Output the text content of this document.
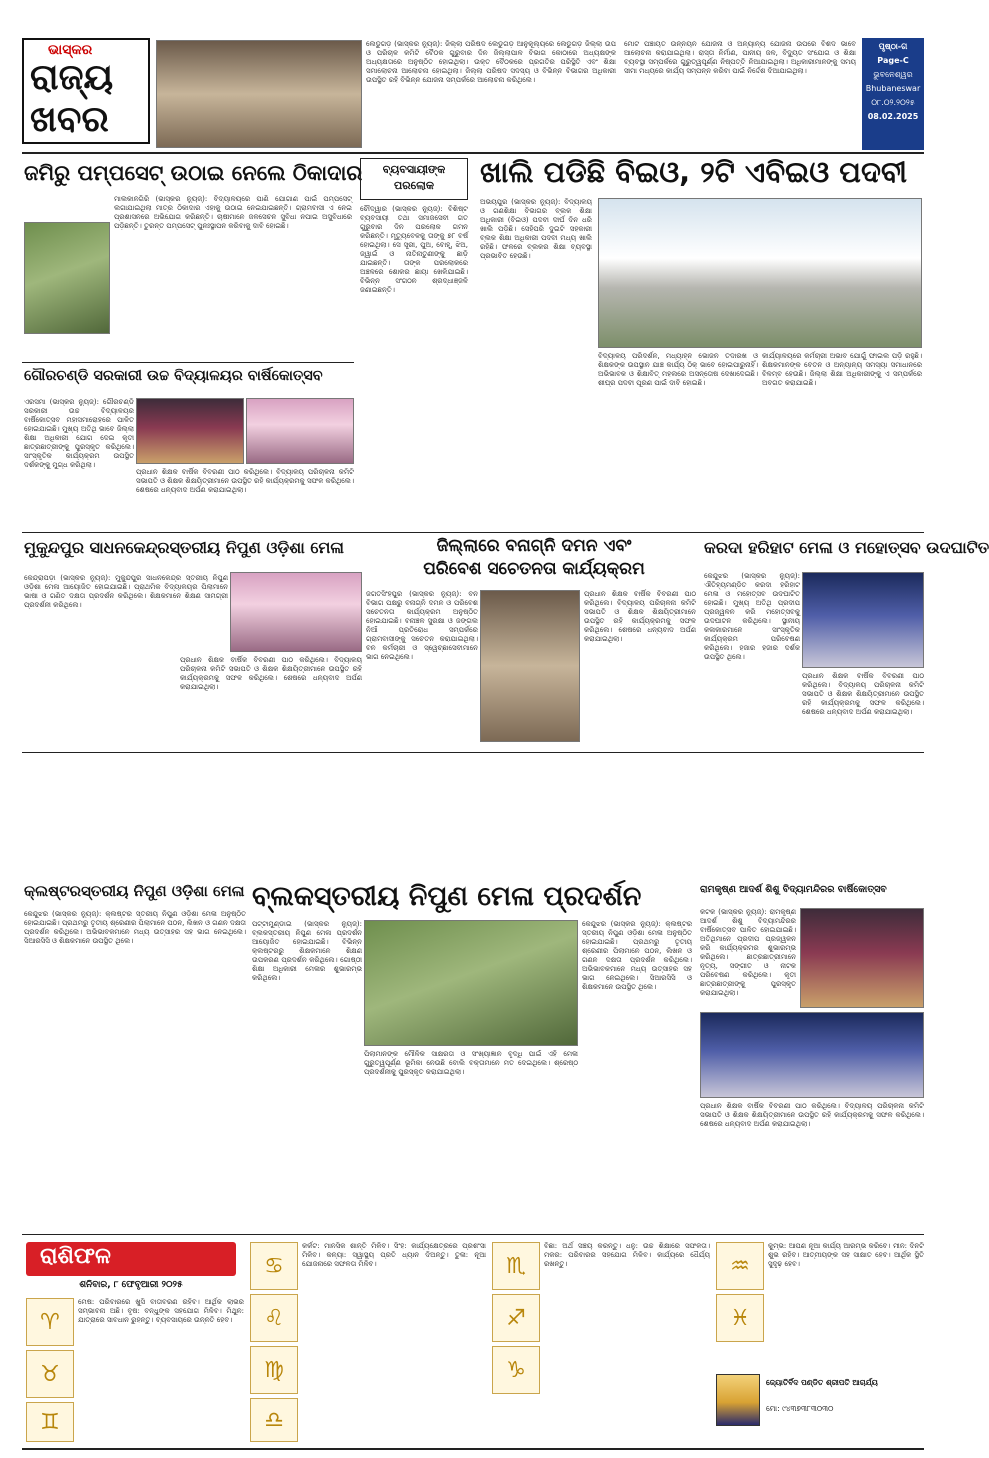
ଭାସ୍କର
ରାଜ୍ୟ
ଖବର
ଲେଡୁଗଡ଼ (ଭାସ୍କର ନ୍ୟୁଜ୍): ଜିଲ୍ଲା ପରିଷଦ ଲେଡୁଗଡ଼ ଆନୁକୂଲ୍ୟରେ ଲେଡୁଗଡ଼ ଜିଲ୍ଲା ଉପ ଓ ପରିଚାଳ କମିଟି ବୈଠକ ଗୁରୁବାର ଦିନ ଜିଲ୍ଲାପାଳ ବିଭାଗ କୋଠାରେ ଅଧ୍ୟକ୍ଷଙ୍କ ଅଧ୍ୟକ୍ଷତାରେ ଅନୁଷ୍ଠିତ ହୋଇଥିଲା। ଉକ୍ତ ବୈଠକରେ ପ୍ରଗତିର ପରିସ୍ଥିତି ଏବଂ ଶିକ୍ଷା ସମାଲୋଚନା ଆଲୋଚନା ହୋଇଥିଲା। ଜିଲ୍ଲା ପରିଷଦ ସଦସ୍ୟ ଓ ବିଭିନ୍ନ ବିଭାଗର ଅଧିକାରୀ ଉପସ୍ଥିତ ରହି ବିଭିନ୍ନ ଯୋଜନା ସମ୍ପର୍କରେ ଆଲୋଚନା କରିଥିଲେ।
ମୋଟ ପଞ୍ଚାୟତ ଉନ୍ନୟନ ଯୋଜନା ଓ ଅନ୍ୟାନ୍ୟ ଯୋଜନା ଉପରେ ବିଶଦ ଭାବେ ଆଲୋଚନା କରାଯାଇଥିଲା। ରାସ୍ତା ନିର୍ମାଣ, ପାନୀୟ ଜଳ, ବିଦ୍ୟୁତ ସଂଯୋଗ ଓ ଶିକ୍ଷା ବ୍ୟବସ୍ଥା ସମ୍ପର୍କରେ ଗୁରୁତ୍ୱପୂର୍ଣ୍ଣ ନିଷ୍ପତ୍ତି ନିଆଯାଇଥିଲା। ଅଧିକାରୀମାନଙ୍କୁ ସମୟ ସୀମା ମଧ୍ୟରେ କାର୍ଯ୍ୟ ସମ୍ପନ୍ନ କରିବା ପାଇଁ ନିର୍ଦ୍ଦେଶ ଦିଆଯାଇଥିଲା।
ପୃଷ୍ଠା-ଗ
Page-C
ଭୁବନେଶ୍ୱର
Bhubaneswar
୦୮.୦୨.୨୦୨୫
08.02.2025
ଜମିରୁ ପମ୍ପସେଟ୍ ଉଠାଇ ନେଲେ ଠିକାଦାର
ମାଲକାନଗିରି (ଭାସ୍କର ନ୍ୟୁଜ୍): ବିଦ୍ୟାଳୟରେ ପାଣି ଯୋଗାଣ ପାଇଁ ପମ୍ପସେଟ୍ ଲଗାଯାଇଥିଲା ମାତ୍ର ଠିକାଦାର ଏହାକୁ ଉଠାଇ ନେଇଯାଇଛନ୍ତି। ଗ୍ରାମବାସୀ ଏ ନେଇ ପ୍ରଶାସନରେ ଅଭିଯୋଗ କରିଛନ୍ତି। ଚାଷୀମାନେ ଜଳସେଚନ ସୁବିଧା ନପାଇ ଅସୁବିଧାରେ ପଡ଼ିଛନ୍ତି। ତୁରନ୍ତ ପମ୍ପସେଟ୍ ପୁନଃସ୍ଥାପନ କରିବାକୁ ଦାବି ହୋଇଛି।
ବ୍ୟବସାୟୀଙ୍କ
ପରଲୋକ
ଚୌଦ୍ୱାର (ଭାସ୍କର ନ୍ୟୁଜ୍): ବିଶିଷ୍ଟ ବ୍ୟବସାୟୀ ତଥା ସମାଜସେବୀ ଗତ ଗୁରୁବାର ଦିନ ପରଲୋକ ଗମନ କରିଛନ୍ତି। ମୃତ୍ୟୁବେଳକୁ ତାଙ୍କୁ ୭୮ ବର୍ଷ ହୋଇଥିଲା। ସେ ସ୍ତ୍ରୀ, ପୁଅ, ବୋହୂ, ଝିଅ, ଜ୍ୱାଇଁ ଓ ନାତିନାତୁଣୀଙ୍କୁ ଛାଡ଼ି ଯାଇଛନ୍ତି। ତାଙ୍କ ପରଲୋକରେ ଅଞ୍ଚଳରେ ଶୋକର ଛାୟା ଖେଳିଯାଇଛି। ବିଭିନ୍ନ ସଂଗଠନ ଶ୍ରଦ୍ଧାଞ୍ଜଳି ଜଣାଇଛନ୍ତି।
ଖାଲି ପଡିଛି ବିଇଓ, ୨ଟି ଏବିଇଓ ପଦବୀ
ଅଭୟପୁର (ଭାସ୍କର ନ୍ୟୁଜ୍): ବିଦ୍ୟାଳୟ ଓ ଗଣଶିକ୍ଷା ବିଭାଗର ବ୍ଲକ ଶିକ୍ଷା ଅଧିକାରୀ (ବିଇଓ) ପଦବୀ ଦୀର୍ଘ ଦିନ ଧରି ଖାଲି ପଡ଼ିଛି। ସେହିପରି ଦୁଇଟି ସହକାରୀ ବ୍ଲକ ଶିକ୍ଷା ଅଧିକାରୀ ପଦବୀ ମଧ୍ୟ ଖାଲି ରହିଛି। ଫଳରେ ବ୍ଲକର ଶିକ୍ଷା ବ୍ୟବସ୍ଥା ପ୍ରଭାବିତ ହେଉଛି।
ବିଦ୍ୟାଳୟ ପରିଦର୍ଶନ, ମଧ୍ୟାହ୍ନ ଭୋଜନ ତଦାରଖ ଓ ଶିକ୍ଷକଙ୍କ ଉପସ୍ଥାନ ଯାଞ୍ଚ କାର୍ଯ୍ୟ ଠିକ୍ ଭାବେ ହୋଇପାରୁନାହିଁ। ଅଭିଭାବକ ଓ ଶିକ୍ଷାବିତ୍ ମହଲରେ ଅସନ୍ତୋଷ ଦେଖାଦେଇଛି। ଶୀଘ୍ର ପଦବୀ ପୂରଣ ପାଇଁ ଦାବି ହୋଇଛି।
କାର୍ଯ୍ୟାଳୟରେ କର୍ମଚାରୀ ଅଭାବ ଯୋଗୁଁ ଫାଇଲ ପଡ଼ି ରହୁଛି। ଶିକ୍ଷକମାନଙ୍କ ବେତନ ଓ ଅନ୍ୟାନ୍ୟ ସମସ୍ୟା ସମାଧାନରେ ବିଳମ୍ବ ହେଉଛି। ଜିଲ୍ଲା ଶିକ୍ଷା ଅଧିକାରୀଙ୍କୁ ଏ ସମ୍ପର୍କରେ ଅବଗତ କରାଯାଇଛି।
ଗୌରଚଣ୍ଡି ସରକାରୀ ଉଚ୍ଚ ବିଦ୍ୟାଳୟର ବାର୍ଷିକୋତ୍ସବ
ଏରସମା (ଭାସ୍କର ନ୍ୟୁଜ୍): ଗୌରଚଣ୍ଡି ସରକାରୀ ଉଚ୍ଚ ବିଦ୍ୟାଳୟର ବାର୍ଷିକୋତ୍ସବ ମହାସମାରୋହରେ ପାଳିତ ହୋଇଯାଇଛି। ମୁଖ୍ୟ ଅତିଥି ଭାବେ ଜିଲ୍ଲା ଶିକ୍ଷା ଅଧିକାରୀ ଯୋଗ ଦେଇ କୃତୀ ଛାତ୍ରଛାତ୍ରୀଙ୍କୁ ପୁରସ୍କୃତ କରିଥିଲେ। ସାଂସ୍କୃତିକ କାର୍ଯ୍ୟକ୍ରମ ଉପସ୍ଥିତ ଦର୍ଶକଙ୍କୁ ମୁଗ୍ଧ କରିଥିଲା।
ପ୍ରଧାନ ଶିକ୍ଷକ ବାର୍ଷିକ ବିବରଣୀ ପାଠ କରିଥିଲେ। ବିଦ୍ୟାଳୟ ପରିଚାଳନା କମିଟି ସଭାପତି ଓ ଶିକ୍ଷକ ଶିକ୍ଷୟିତ୍ରୀମାନେ ଉପସ୍ଥିତ ରହି କାର୍ଯ୍ୟକ୍ରମକୁ ସଫଳ କରିଥିଲେ। ଶେଷରେ ଧନ୍ୟବାଦ ଅର୍ପଣ କରାଯାଇଥିଲା।
ମୁକୁନ୍ଦପୁର ସାଧନକେନ୍ଦ୍ରସ୍ତରୀୟ ନିପୁଣ ଓଡ଼ିଶା ମେଳା
କେନ୍ଦ୍ରାପଡ଼ା (ଭାସ୍କର ନ୍ୟୁଜ୍): ମୁକୁନ୍ଦପୁର ସାଧନକେନ୍ଦ୍ର ସ୍ତରୀୟ ନିପୁଣ ଓଡ଼ିଶା ମେଳା ଆୟୋଜିତ ହୋଇଯାଇଛି। ପ୍ରାଥମିକ ବିଦ୍ୟାଳୟର ପିଲାମାନେ ଭାଷା ଓ ଗଣିତ ଦକ୍ଷତା ପ୍ରଦର୍ଶନ କରିଥିଲେ। ଶିକ୍ଷକମାନେ ଶିକ୍ଷଣ ସାମଗ୍ରୀ ପ୍ରଦର୍ଶନୀ କରିଥିଲେ।
ପ୍ରଧାନ ଶିକ୍ଷକ ବାର୍ଷିକ ବିବରଣୀ ପାଠ କରିଥିଲେ। ବିଦ୍ୟାଳୟ ପରିଚାଳନା କମିଟି ସଭାପତି ଓ ଶିକ୍ଷକ ଶିକ୍ଷୟିତ୍ରୀମାନେ ଉପସ୍ଥିତ ରହି କାର୍ଯ୍ୟକ୍ରମକୁ ସଫଳ କରିଥିଲେ। ଶେଷରେ ଧନ୍ୟବାଦ ଅର୍ପଣ କରାଯାଇଥିଲା।
ଜିଲ୍ଲାରେ ବନାଗ୍ନି ଦମନ ଏବଂ
ପରିବେଶ ସଚେତନତା କାର୍ଯ୍ୟକ୍ରମ
ଜଗତସିଂହପୁର (ଭାସ୍କର ନ୍ୟୁଜ୍): ବନ ବିଭାଗ ପକ୍ଷରୁ ବନାଗ୍ନି ଦମନ ଓ ପରିବେଶ ସଚେତନତା କାର୍ଯ୍ୟକ୍ରମ ଅନୁଷ୍ଠିତ ହୋଇଯାଇଛି। ବନାଞ୍ଚଳ ସୁରକ୍ଷା ଓ ଜଙ୍ଗଲ ନିଆଁ ପ୍ରତିରୋଧ ସମ୍ପର୍କରେ ଗ୍ରାମବାସୀଙ୍କୁ ସଚେତନ କରାଯାଇଥିଲା। ବନ କର୍ମଚାରୀ ଓ ସ୍ୱେଚ୍ଛାସେବୀମାନେ ଭାଗ ନେଇଥିଲେ।
ପ୍ରଧାନ ଶିକ୍ଷକ ବାର୍ଷିକ ବିବରଣୀ ପାଠ କରିଥିଲେ। ବିଦ୍ୟାଳୟ ପରିଚାଳନା କମିଟି ସଭାପତି ଓ ଶିକ୍ଷକ ଶିକ୍ଷୟିତ୍ରୀମାନେ ଉପସ୍ଥିତ ରହି କାର୍ଯ୍ୟକ୍ରମକୁ ସଫଳ କରିଥିଲେ। ଶେଷରେ ଧନ୍ୟବାଦ ଅର୍ପଣ କରାଯାଇଥିଲା।
କରଦା ହରିହାଟ ମେଳା ଓ ମହୋତ୍ସବ ଉଦଘାଟିତ
କେନ୍ଦୁଝର (ଭାସ୍କର ନ୍ୟୁଜ୍): ଐତିହ୍ୟମଣ୍ଡିତ କରଦା ହରିହାଟ ମେଳା ଓ ମହୋତ୍ସବ ଉଦଘାଟିତ ହୋଇଛି। ମୁଖ୍ୟ ଅତିଥି ପ୍ରଦୀପ ପ୍ରଜ୍ୱଳନ କରି ମହୋତ୍ସବକୁ ଉଦଘାଟନ କରିଥିଲେ। ସ୍ଥାନୀୟ କଳାକାରମାନେ ସାଂସ୍କୃତିକ କାର୍ଯ୍ୟକ୍ରମ ପରିବେଷଣ କରିଥିଲେ। ହଜାର ହଜାର ଦର୍ଶକ ଉପସ୍ଥିତ ଥିଲେ।
ପ୍ରଧାନ ଶିକ୍ଷକ ବାର୍ଷିକ ବିବରଣୀ ପାଠ କରିଥିଲେ। ବିଦ୍ୟାଳୟ ପରିଚାଳନା କମିଟି ସଭାପତି ଓ ଶିକ୍ଷକ ଶିକ୍ଷୟିତ୍ରୀମାନେ ଉପସ୍ଥିତ ରହି କାର୍ଯ୍ୟକ୍ରମକୁ ସଫଳ କରିଥିଲେ। ଶେଷରେ ଧନ୍ୟବାଦ ଅର୍ପଣ କରାଯାଇଥିଲା।
କ୍ଲଷ୍ଟରସ୍ତରୀୟ ନିପୁଣ ଓଡ଼ିଶା ମେଳା
କେନ୍ଦୁଝର (ଭାସ୍କର ନ୍ୟୁଜ୍): କ୍ଲଷ୍ଟର ସ୍ତରୀୟ ନିପୁଣ ଓଡ଼ିଶା ମେଳା ଅନୁଷ୍ଠିତ ହୋଇଯାଇଛି। ପ୍ରଥମରୁ ତୃତୀୟ ଶ୍ରେଣୀର ପିଲାମାନେ ପଠନ, ଲିଖନ ଓ ଗଣନ ଦକ୍ଷତା ପ୍ରଦର୍ଶନ କରିଥିଲେ। ଅଭିଭାବକମାନେ ମଧ୍ୟ ଉତ୍ସାହର ସହ ଭାଗ ନେଇଥିଲେ। ସିଆରସିସି ଓ ଶିକ୍ଷକମାନେ ଉପସ୍ଥିତ ଥିଲେ।
ବ୍ଲକସ୍ତରୀୟ ନିପୁଣ ମେଳା ପ୍ରଦର୍ଶନ
ପଟ୍ଟାମୁଣ୍ଡାଇ (ଭାସ୍କର ନ୍ୟୁଜ୍): ବ୍ଲକସ୍ତରୀୟ ନିପୁଣ ମେଳା ପ୍ରଦର୍ଶନ ଆୟୋଜିତ ହୋଇଯାଇଛି। ବିଭିନ୍ନ କ୍ଲଷ୍ଟରରୁ ଶିକ୍ଷକମାନେ ଶିକ୍ଷଣ ଉପକରଣ ପ୍ରଦର୍ଶନ କରିଥିଲେ। ଗୋଷ୍ଠୀ ଶିକ୍ଷା ଅଧିକାରୀ ମେଳାର ଶୁଭାରମ୍ଭ କରିଥିଲେ।
ପିଲାମାନଙ୍କ ମୌଳିକ ସାକ୍ଷରତା ଓ ସଂଖ୍ୟାଜ୍ଞାନ ବୃଦ୍ଧି ପାଇଁ ଏହି ମେଳା ଗୁରୁତ୍ୱପୂର୍ଣ୍ଣ ଭୂମିକା ନେଉଛି ବୋଲି ବକ୍ତାମାନେ ମତ ଦେଇଥିଲେ। ଶ୍ରେଷ୍ଠ ପ୍ରଦର୍ଶନୀକୁ ପୁରସ୍କୃତ କରାଯାଇଥିଲା।
କେନ୍ଦୁଝର (ଭାସ୍କର ନ୍ୟୁଜ୍): କ୍ଲଷ୍ଟର ସ୍ତରୀୟ ନିପୁଣ ଓଡ଼ିଶା ମେଳା ଅନୁଷ୍ଠିତ ହୋଇଯାଇଛି। ପ୍ରଥମରୁ ତୃତୀୟ ଶ୍ରେଣୀର ପିଲାମାନେ ପଠନ, ଲିଖନ ଓ ଗଣନ ଦକ୍ଷତା ପ୍ରଦର୍ଶନ କରିଥିଲେ। ଅଭିଭାବକମାନେ ମଧ୍ୟ ଉତ୍ସାହର ସହ ଭାଗ ନେଇଥିଲେ। ସିଆରସିସି ଓ ଶିକ୍ଷକମାନେ ଉପସ୍ଥିତ ଥିଲେ।
ରାମକୃଷ୍ଣ ଆଦର୍ଶ ଶିଶୁ ବିଦ୍ୟାମନ୍ଦିରର ବାର୍ଷିକୋତ୍ସବ
କଟକ (ଭାସ୍କର ନ୍ୟୁଜ୍): ରାମକୃଷ୍ଣ ଆଦର୍ଶ ଶିଶୁ ବିଦ୍ୟାମନ୍ଦିରର ବାର୍ଷିକୋତ୍ସବ ପାଳିତ ହୋଇଯାଇଛି। ଅତିଥିମାନେ ପ୍ରଦୀପ ପ୍ରଜ୍ୱଳନ କରି କାର୍ଯ୍ୟକ୍ରମର ଶୁଭାରମ୍ଭ କରିଥିଲେ। ଛାତ୍ରଛାତ୍ରୀମାନେ ନୃତ୍ୟ, ସଙ୍ଗୀତ ଓ ନାଟକ ପରିବେଷଣ କରିଥିଲେ। କୃତୀ ଛାତ୍ରଛାତ୍ରୀଙ୍କୁ ପୁରସ୍କୃତ କରାଯାଇଥିଲା।
ପ୍ରଧାନ ଶିକ୍ଷକ ବାର୍ଷିକ ବିବରଣୀ ପାଠ କରିଥିଲେ। ବିଦ୍ୟାଳୟ ପରିଚାଳନା କମିଟି ସଭାପତି ଓ ଶିକ୍ଷକ ଶିକ୍ଷୟିତ୍ରୀମାନେ ଉପସ୍ଥିତ ରହି କାର୍ଯ୍ୟକ୍ରମକୁ ସଫଳ କରିଥିଲେ। ଶେଷରେ ଧନ୍ୟବାଦ ଅର୍ପଣ କରାଯାଇଥିଲା।
ରାଶିଫଳ
ଶନିବାର, ୮ ଫେବୃଆରୀ ୨୦୨୫
♈
♉
♊
ମେଷ: ପରିବାରରେ ଖୁସି ବାତାବରଣ ରହିବ। ଆର୍ଥିକ ଲାଭର ସମ୍ଭାବନା ଅଛି। ବୃଷ: ବନ୍ଧୁଙ୍କ ସହଯୋଗ ମିଳିବ। ମିଥୁନ: ଯାତ୍ରାରେ ସାବଧାନ ରୁହନ୍ତୁ। ବ୍ୟବସାୟରେ ଉନ୍ନତି ହେବ।
♋
♌
♍
♎
କର୍କଟ: ମାନସିକ ଶାନ୍ତି ମିଳିବ। ସିଂହ: କାର୍ଯ୍ୟକ୍ଷେତ୍ରରେ ପ୍ରଶଂସା ମିଳିବ। କନ୍ୟା: ସ୍ୱାସ୍ଥ୍ୟ ପ୍ରତି ଧ୍ୟାନ ଦିଅନ୍ତୁ। ତୁଳା: ନୂଆ ଯୋଜନାରେ ସଫଳତା ମିଳିବ।	♏
♐
♑
ବିଛା: ଅର୍ଥ ସଞ୍ଚୟ କରନ୍ତୁ। ଧନୁ: ଉଚ୍ଚ ଶିକ୍ଷାରେ ସଫଳତା। ମକର: ପରିବାରର ସହଯୋଗ ମିଳିବ। କାର୍ଯ୍ୟରେ ଧୈର୍ଯ୍ୟ ରଖନ୍ତୁ।	♒
♓
କୁମ୍ଭ: ଆପଣ ନୂଆ କାର୍ଯ୍ୟ ଆରମ୍ଭ କରିବେ। ମୀନ: ଦିନଟି ଶୁଭ ରହିବ। ଆତ୍ମୀୟଙ୍କ ସହ ସାକ୍ଷାତ ହେବ। ଆର୍ଥିକ ସ୍ଥିତି ସୁଦୃଢ଼ ହେବ।
ଜ୍ୟୋତିର୍ବିଦ ପଣ୍ଡିତ ଶ୍ରୀପତି ଆଚାର୍ଯ୍ୟ
ମୋ: ୯୪୩୭୩୮୩୦୩୦
